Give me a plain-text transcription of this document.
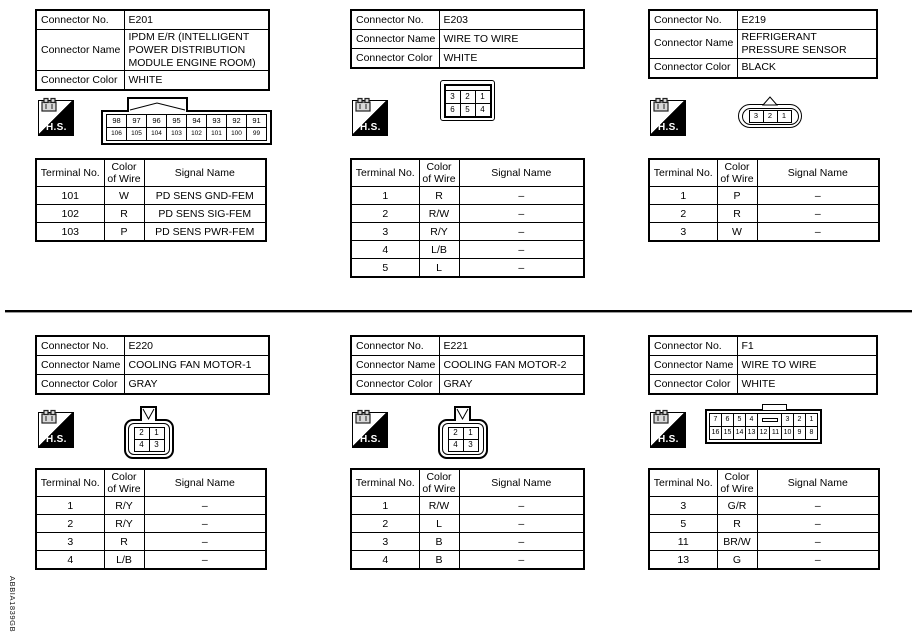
Connector No.	E201
Connector Name	IPDM E/R (INTELLIGENT POWER DISTRIBUTION MODULE ENGINE ROOM)
Connector Color	WHITE
H.S.
98	97	96	95	94	93	92	91
106	105	104	103	102	101	100	99
Terminal No.	Color of Wire	Signal Name
101	W	PD SENS GND-FEM
102	R	PD SENS SIG-FEM
103	P	PD SENS PWR-FEM
Connector No.	E203
Connector Name	WIRE TO WIRE
Connector Color	WHITE
H.S.

3	2	1
6	5	4
Terminal No.	Color of Wire	Signal Name
1	R	–
2	R/W	–
3	R/Y	–
4	L/B	–
5	L	–
Connector No.	E219
Connector Name	REFRIGERANT PRESSURE SENSOR
Connector Color	BLACK
H.S.
3	2	1
Terminal No.	Color of Wire	Signal Name
1	P	–
2	R	–
3	W	–
Connector No.	E220
Connector Name	COOLING FAN MOTOR-1
Connector Color	GRAY
H.S.
2	1
4	3
Terminal No.	Color of Wire	Signal Name
1	R/Y	–
2	R/Y	–
3	R	–
4	L/B	–
Connector No.	E221
Connector Name	COOLING FAN MOTOR-2
Connector Color	GRAY
H.S.
2	1
4	3
Terminal No.	Color of Wire	Signal Name
1	R/W	–
2	L	–
3	B	–
4	B	–
Connector No.	F1
Connector Name	WIRE TO WIRE
Connector Color	WHITE
H.S.
7	6	5	4			3	2	1
16	15	14	13	12	11	10	9	8
Terminal No.	Color of Wire	Signal Name
3	G/R	–
5	R	–
11	BR/W	–
13	G	–
ABBIA1839GB
